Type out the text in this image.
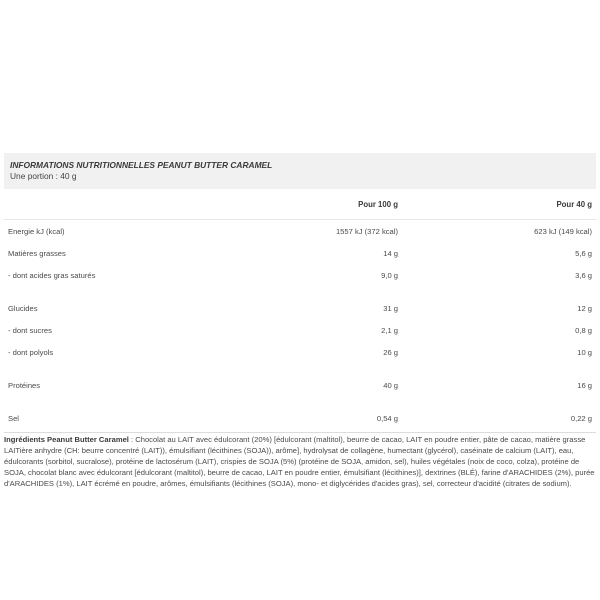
INFORMATIONS NUTRITIONNELLES PEANUT BUTTER CARAMEL
Une portion : 40 g
	Pour 100 g	Pour 40 g
Energie kJ (kcal)	1557 kJ (372 kcal)	623 kJ (149 kcal)
Matières grasses	14 g	5,6 g
- dont acides gras saturés	9,0 g	3,6 g

Glucides	31 g	12 g
- dont sucres	2,1 g	0,8 g
- dont polyols	26 g	10 g

Protéines	40 g	16 g

Sel	0,54 g	0,22 g
Ingrédients Peanut Butter Caramel : Chocolat au LAIT avec édulcorant (20%) [édulcorant (maltitol), beurre de cacao, LAIT en poudre entier, pâte de cacao, matière grasse LAITière anhydre (CH: beurre concentré (LAIT)), émulsifiant (lécithines (SOJA)), arôme], hydrolysat de collagène, humectant (glycérol), caséinate de calcium (LAIT), eau, édulcorants (sorbitol, sucralose), protéine de lactosérum (LAIT), crispies de SOJA (5%) (protéine de SOJA, amidon, sel), huiles végétales (noix de coco, colza), protéine de SOJA, chocolat blanc avec édulcorant [édulcorant (maltitol), beurre de cacao, LAIT en poudre entier, émulsifiant (lécithines)], dextrines (BLÉ), farine d'ARACHIDES (2%), purée d'ARACHIDES (1%), LAIT écrémé en poudre, arômes, émulsifiants (lécithines (SOJA), mono- et diglycérides d'acides gras), sel, correcteur d'acidité (citrates de sodium).
